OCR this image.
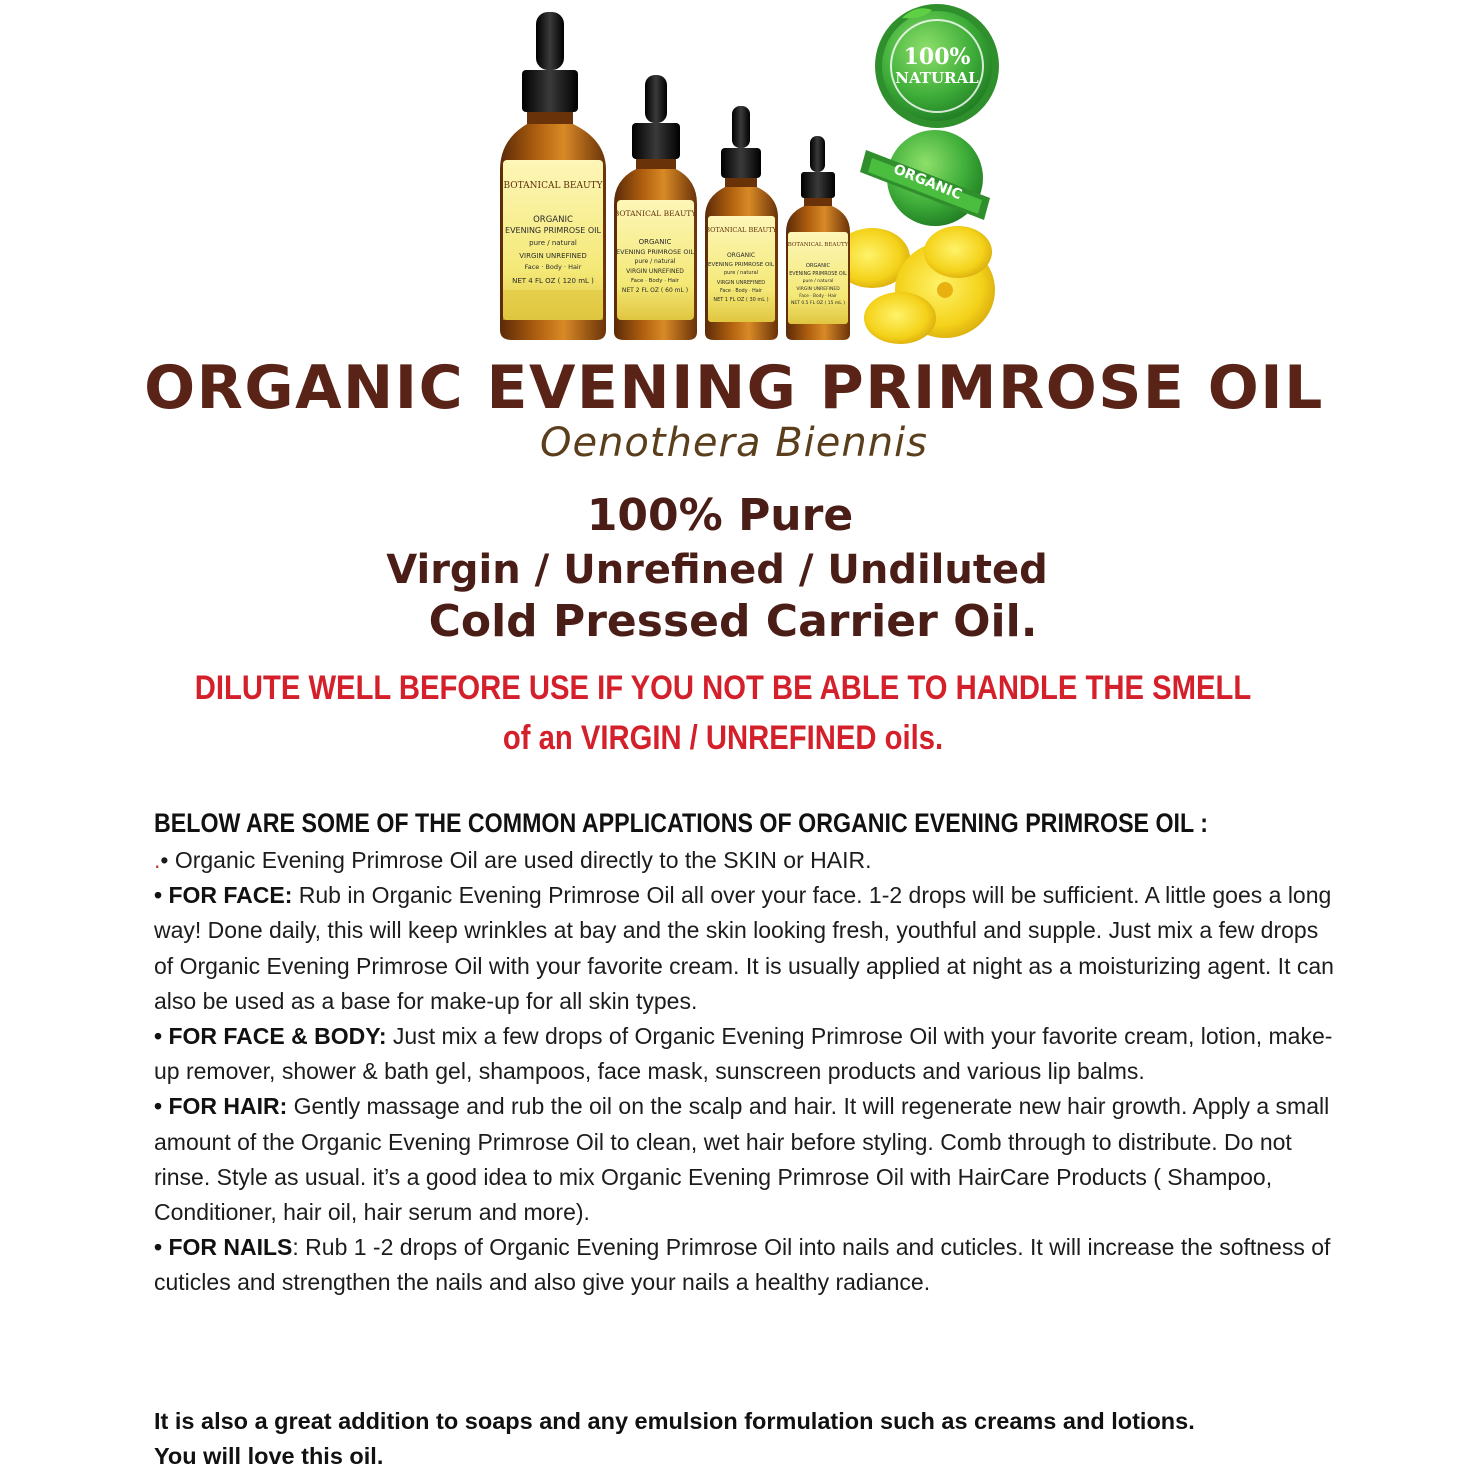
BOTANICAL BEAUTY
ORGANIC
EVENING PRIMROSE OIL
pure / natural
VIRGIN UNREFINED
Face · Body · Hair
NET 4 FL OZ ( 120 mL )
BOTANICAL BEAUTY
ORGANIC
EVENING PRIMROSE OIL
pure / natural
VIRGIN UNREFINED
Face · Body · Hair
NET 2 FL OZ ( 60 mL )
BOTANICAL BEAUTY
ORGANIC
EVENING PRIMROSE OIL
pure / natural
VIRGIN UNREFINED
Face · Body · Hair
NET 1 FL OZ ( 30 mL )
BOTANICAL BEAUTY
ORGANIC
EVENING PRIMROSE OIL
pure / natural
VIRGIN UNREFINED
Face · Body · Hair
NET 0.5 FL OZ ( 15 mL )
100%
NATURAL
ORGANIC
ORGANIC EVENING PRIMROSE OIL
Oenothera Biennis
100% Pure
Virgin / Unrefined / Undiluted
Cold Pressed Carrier Oil.
DILUTE WELL BEFORE USE IF YOU NOT BE ABLE TO HANDLE THE SMELL
of an VIRGIN / UNREFINED oils.
BELOW ARE SOME OF THE COMMON APPLICATIONS OF ORGANIC EVENING PRIMROSE OIL :

.• Organic Evening Primrose Oil are used directly to the SKIN or HAIR.

• FOR FACE: Rub in Organic Evening Primrose Oil all over your face. 1-2 drops will be sufficient. A little goes a long way! Done daily, this will keep wrinkles at bay and the skin looking fresh, youthful and supple. Just mix a few drops of Organic Evening Primrose Oil with your favorite cream. It is usually applied at night as a moisturizing agent. It can also be used as a base for make-up for all skin types.

• FOR FACE & BODY: Just mix a few drops of Organic Evening Primrose Oil with your favorite cream, lotion, make-up remover, shower & bath gel, shampoos, face mask, sunscreen products and various lip balms.

• FOR HAIR: Gently massage and rub the oil on the scalp and hair. It will regenerate new hair growth. Apply a small amount of the Organic Evening Primrose Oil to clean, wet hair before styling. Comb through to distribute. Do not rinse. Style as usual. it’s a good idea to mix Organic Evening Primrose Oil with HairCare Products ( Shampoo, Conditioner, hair oil, hair serum and more).

• FOR NAILS: Rub 1 -2 drops of Organic Evening Primrose Oil into nails and cuticles. It will increase the softness of cuticles and strengthen the nails and also give your nails a healthy radiance.

It is also a great addition to soaps and any emulsion formulation such as creams and lotions.

You will love this oil.
